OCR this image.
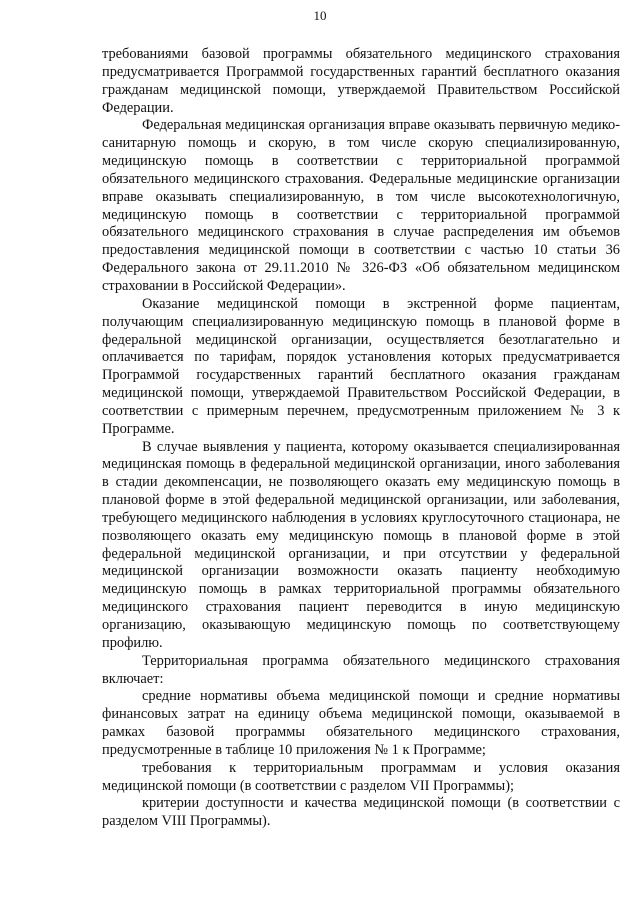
10

требованиями базовой программы обязательного медицинского страхования предусматривается Программой государственных гарантий бесплатного оказания гражданам медицинской помощи, утверждаемой Правительством Российской Федерации.

Федеральная медицинская организация вправе оказывать первичную медико-санитарную помощь и скорую, в том числе скорую специализированную, медицинскую помощь в соответствии с территориальной программой обязательного медицинского страхования. Федеральные медицинские организации вправе оказывать специализированную, в том числе высокотехнологичную, медицинскую помощь в соответствии с территориальной программой обязательного медицинского страхования в случае распределения им объемов предоставления медицинской помощи в соответствии с частью 10 статьи 36 Федерального закона от 29.11.2010 № 326-ФЗ «Об обязательном медицинском страховании в Российской Федерации».

Оказание медицинской помощи в экстренной форме пациентам, получающим специализированную медицинскую помощь в плановой форме в федеральной медицинской организации, осуществляется безотлагательно и оплачивается по тарифам, порядок установления которых предусматривается Программой государственных гарантий бесплатного оказания гражданам медицинской помощи, утверждаемой Правительством Российской Федерации, в соответствии с примерным перечнем, предусмотренным приложением № 3 к Программе.

В случае выявления у пациента, которому оказывается специализированная медицинская помощь в федеральной медицинской организации, иного заболевания в стадии декомпенсации, не позволяющего оказать ему медицинскую помощь в плановой форме в этой федеральной медицинской организации, или заболевания, требующего медицинского наблюдения в условиях круглосуточного стационара, не позволяющего оказать ему медицинскую помощь в плановой форме в этой федеральной медицинской организации, и при отсутствии у федеральной медицинской организации возможности оказать пациенту необходимую медицинскую помощь в рамках территориальной программы обязательного медицинского страхования пациент переводится в иную медицинскую организацию, оказывающую медицинскую помощь по соответствующему профилю.

Территориальная программа обязательного медицинского страхования включает:

средние нормативы объема медицинской помощи и средние нормативы финансовых затрат на единицу объема медицинской помощи, оказываемой в рамках базовой программы обязательного медицинского страхования, предусмотренные в таблице 10 приложения № 1 к Программе;

требования к территориальным программам и условия оказания медицинской помощи (в соответствии с разделом VII Программы);

критерии доступности и качества медицинской помощи (в соответствии с разделом VIII Программы).
